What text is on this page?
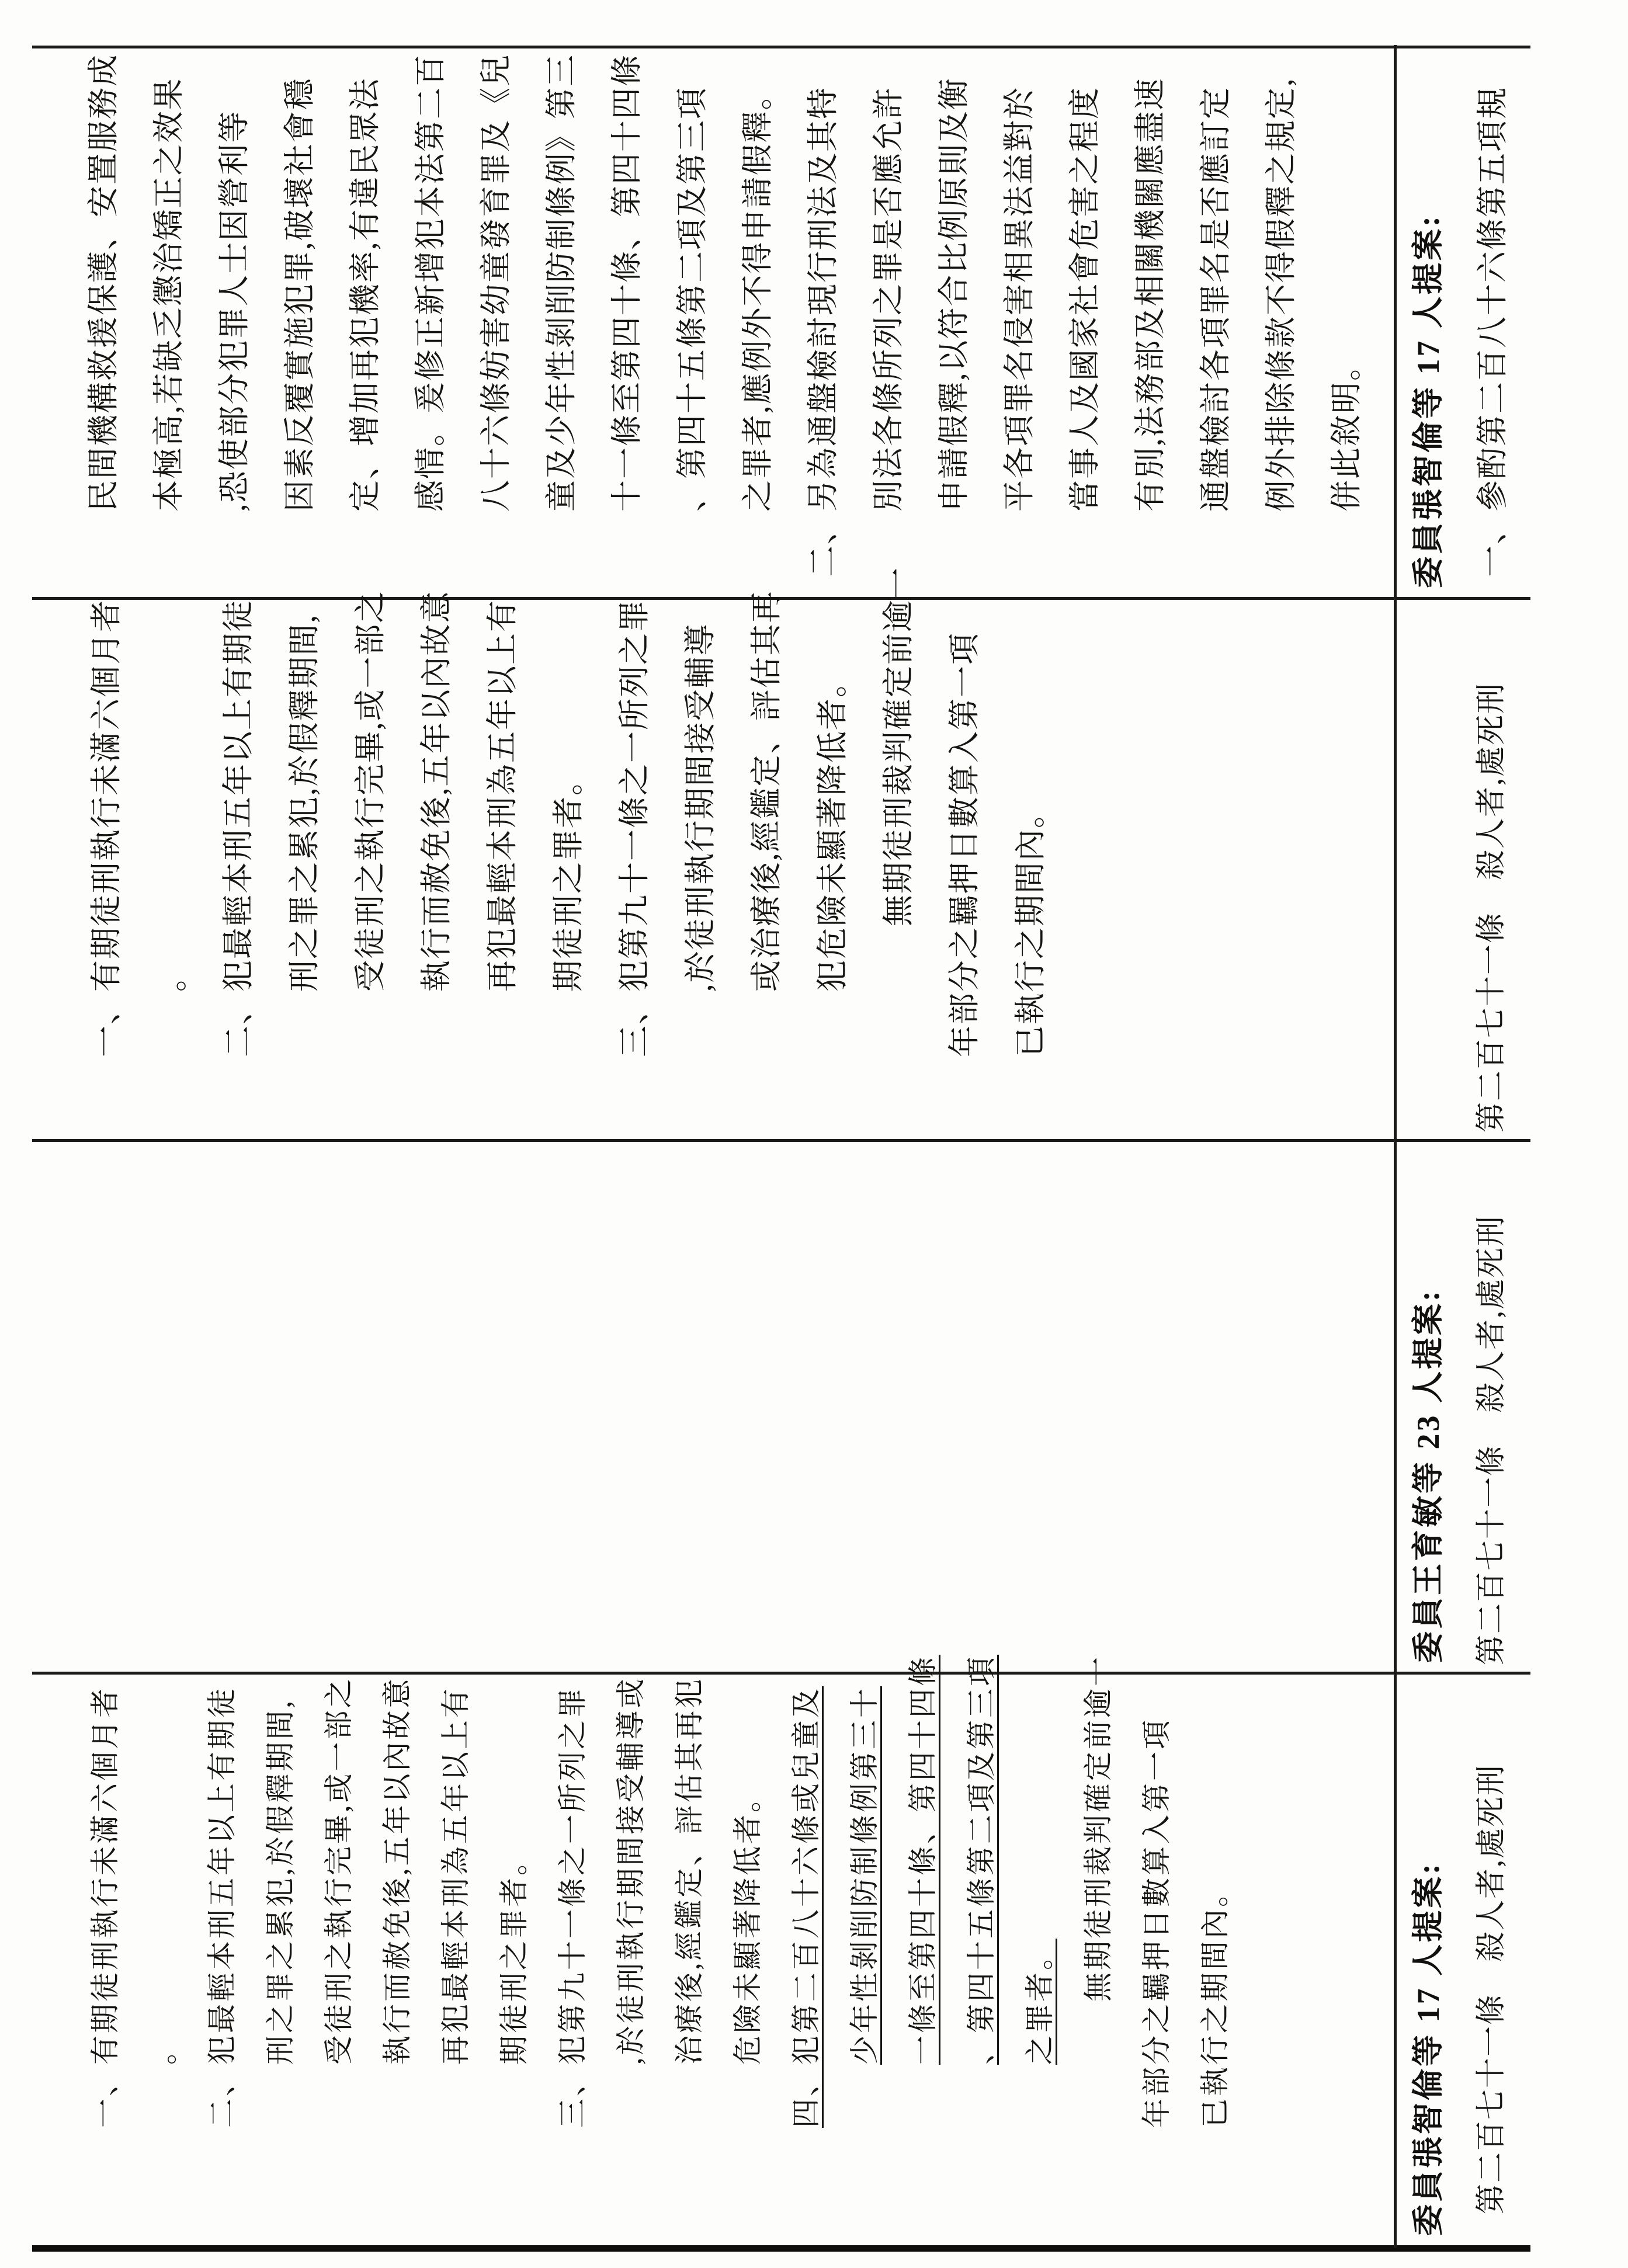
民間機構救援保護、安置服務成 本極高,若缺乏懲治矯正之效果 ,恐使部分犯罪人士因營利等 因素反覆實施犯罪,破壞社會穩 定、增加再犯機率,有違民眾法 感情。爰修正新增犯本法第二百 八十六條妨害幼童發育罪及《兒 童及少年性剝削防制條例》第三 十一條至第四十條、第四十四條 、第四十五條第二項及第三項 之罪者,應例外不得申請假釋。 二、另為通盤檢討現行刑法及其特 別法各條所列之罪是否應允許 申請假釋,以符合比例原則及衡 平各項罪名侵害相異法益對於 當事人及國家社會危害之程度 有別,法務部及相關機關應盡速 通盤檢討各項罪名是否應訂定 例外排除條款不得假釋之規定, 併此敘明。 委員張智倫等 17 人提案: 一、參酌第二百八十六條第五項規
一、有期徒刑執行未滿六個月者 。 二、犯最輕本刑五年以上有期徒 刑之罪之累犯,於假釋期間, 受徒刑之執行完畢,或一部之 執行而赦免後,五年以內故意 再犯最輕本刑為五年以上有 期徒刑之罪者。 三、犯第九十一條之一所列之罪 ,於徒刑執行期間接受輔導 或治療後,經鑑定、評估其再 犯危險未顯著降低者。 無期徒刑裁判確定前逾一 年部分之羈押日數算入第一項 已執行之期間內。	第二百七十一條　殺人者,處死刑
委員王育敏等 23 人提案: 第二百七十一條　殺人者,處死刑
一、有期徒刑執行未滿六個月者 。 二、犯最輕本刑五年以上有期徒 刑之罪之累犯,於假釋期間, 受徒刑之執行完畢,或一部之 執行而赦免後,五年以內故意 再犯最輕本刑為五年以上有 期徒刑之罪者。 三、犯第九十一條之一所列之罪 ,於徒刑執行期間接受輔導或 治療後,經鑑定、評估其再犯 危險未顯著降低者。 四、犯第二百八十六條或兒童及 少年性剝削防制條例第三十 一條至第四十條、第四十四條 、第四十五條第二項及第三項 之罪者。 無期徒刑裁判確定前逾一 年部分之羈押日數算入第一項 已執行之期間內。	委員張智倫等 17 人提案: 第二百七十一條　殺人者,處死刑
